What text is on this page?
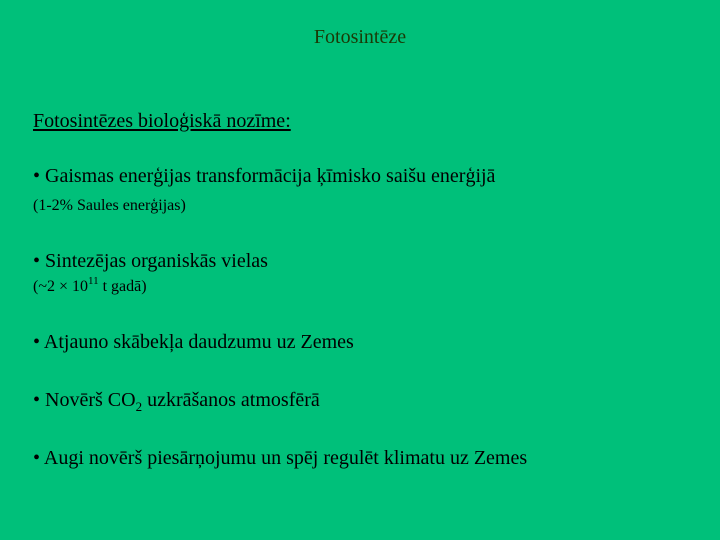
Fotosintēze
Fotosintēzes bioloģiskā nozīme:
• Gaismas enerģijas transformācija ķīmisko saišu enerģijā
(1-2% Saules enerģijas)
• Sintezējas organiskās vielas
(~2 × $10^{11}$ t gadā)
• Atjauno skābekļa daudzumu uz Zemes
• Novērš $CO_2$ uzkrāšanos atmosfērā
• Augi novērš piesārņojumu un spēj regulēt klimatu uz Zemes
